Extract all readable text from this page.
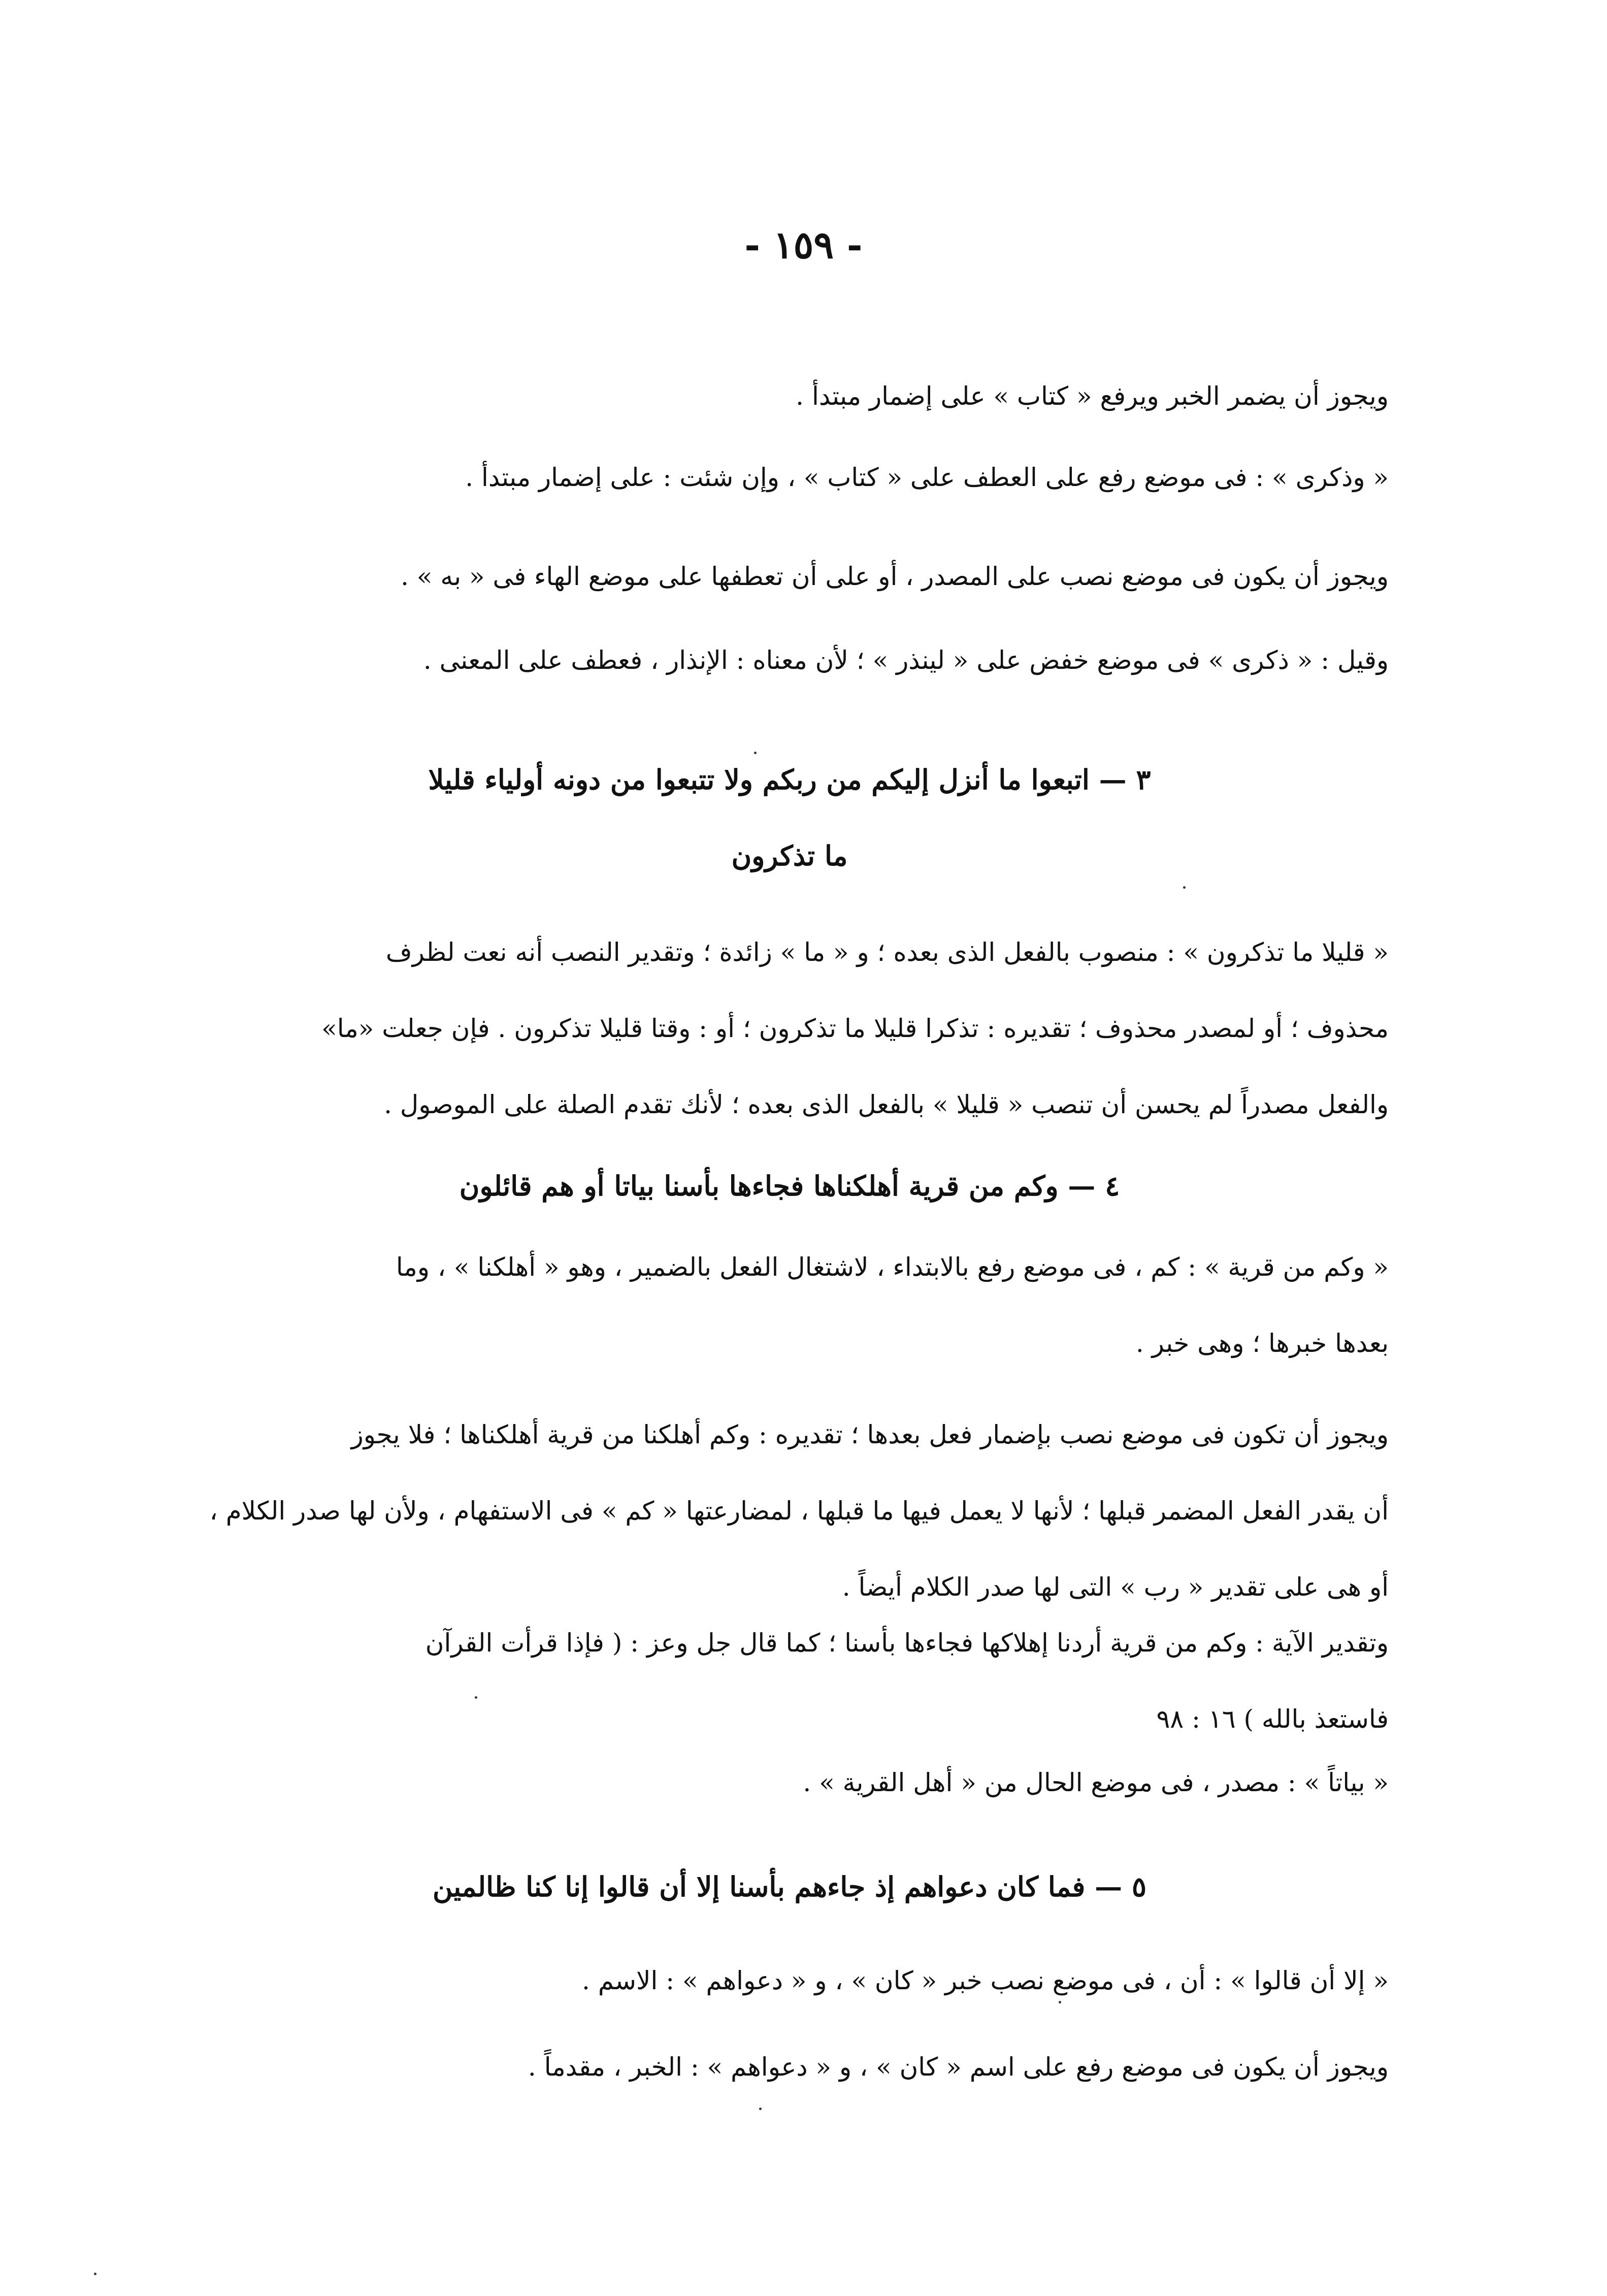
- ١٥٩ -
ويجوز أن يضمر الخبر ويرفع « كتاب » على إضمار مبتدأ .
« وذكرى » : فى موضع رفع على العطف على « كتاب » ، وإن شئت : على إضمار مبتدأ .
ويجوز أن يكون فى موضع نصب على المصدر ، أو على أن تعطفها على موضع الهاء فى « به » .
وقيل : « ذكرى » فى موضع خفض على « لينذر » ؛ لأن معناه : الإنذار ، فعطف على المعنى .
٣ — اتبعوا ما أنزل إليكم من ربكم ولا تتبعوا من دونه أولياء قليلا
ما تذكرون
« قليلا ما تذكرون » : منصوب بالفعل الذى بعده ؛ و « ما » زائدة ؛ وتقدير النصب أنه نعت لظرف
محذوف ؛ أو لمصدر محذوف ؛ تقديره : تذكرا قليلا ما تذكرون ؛ أو : وقتا قليلا تذكرون . فإن جعلت «ما»
والفعل مصدراً لم يحسن أن تنصب « قليلا » بالفعل الذى بعده ؛ لأنك تقدم الصلة على الموصول .
٤ — وكم من قرية أهلكناها فجاءها بأسنا بياتا أو هم قائلون
« وكم من قرية » : كم ، فى موضع رفع بالابتداء ، لاشتغال الفعل بالضمير ، وهو « أهلكنا » ، وما
بعدها خبرها ؛ وهى خبر .
ويجوز أن تكون فى موضع نصب بإضمار فعل بعدها ؛ تقديره : وكم أهلكنا من قرية أهلكناها ؛ فلا يجوز
أن يقدر الفعل المضمر قبلها ؛ لأنها لا يعمل فيها ما قبلها ، لمضارعتها « كم » فى الاستفهام ، ولأن لها صدر الكلام ،
أو هى على تقدير « رب » التى لها صدر الكلام أيضاً .
وتقدير الآية : وكم من قرية أردنا إهلاكها فجاءها بأسنا ؛ كما قال جل وعز : ( فإذا قرأت القرآن
فاستعذ بالله ) ١٦ : ٩٨
« بياتاً » : مصدر ، فى موضع الحال من « أهل القرية » .
٥ — فما كان دعواهم إذ جاءهم بأسنا إلا أن قالوا إنا كنا ظالمين
« إلا أن قالوا » : أن ، فى موضع نصب خبر « كان » ، و « دعواهم » : الاسم .
ويجوز أن يكون فى موضع رفع على اسم « كان » ، و « دعواهم » : الخبر ، مقدماً .
